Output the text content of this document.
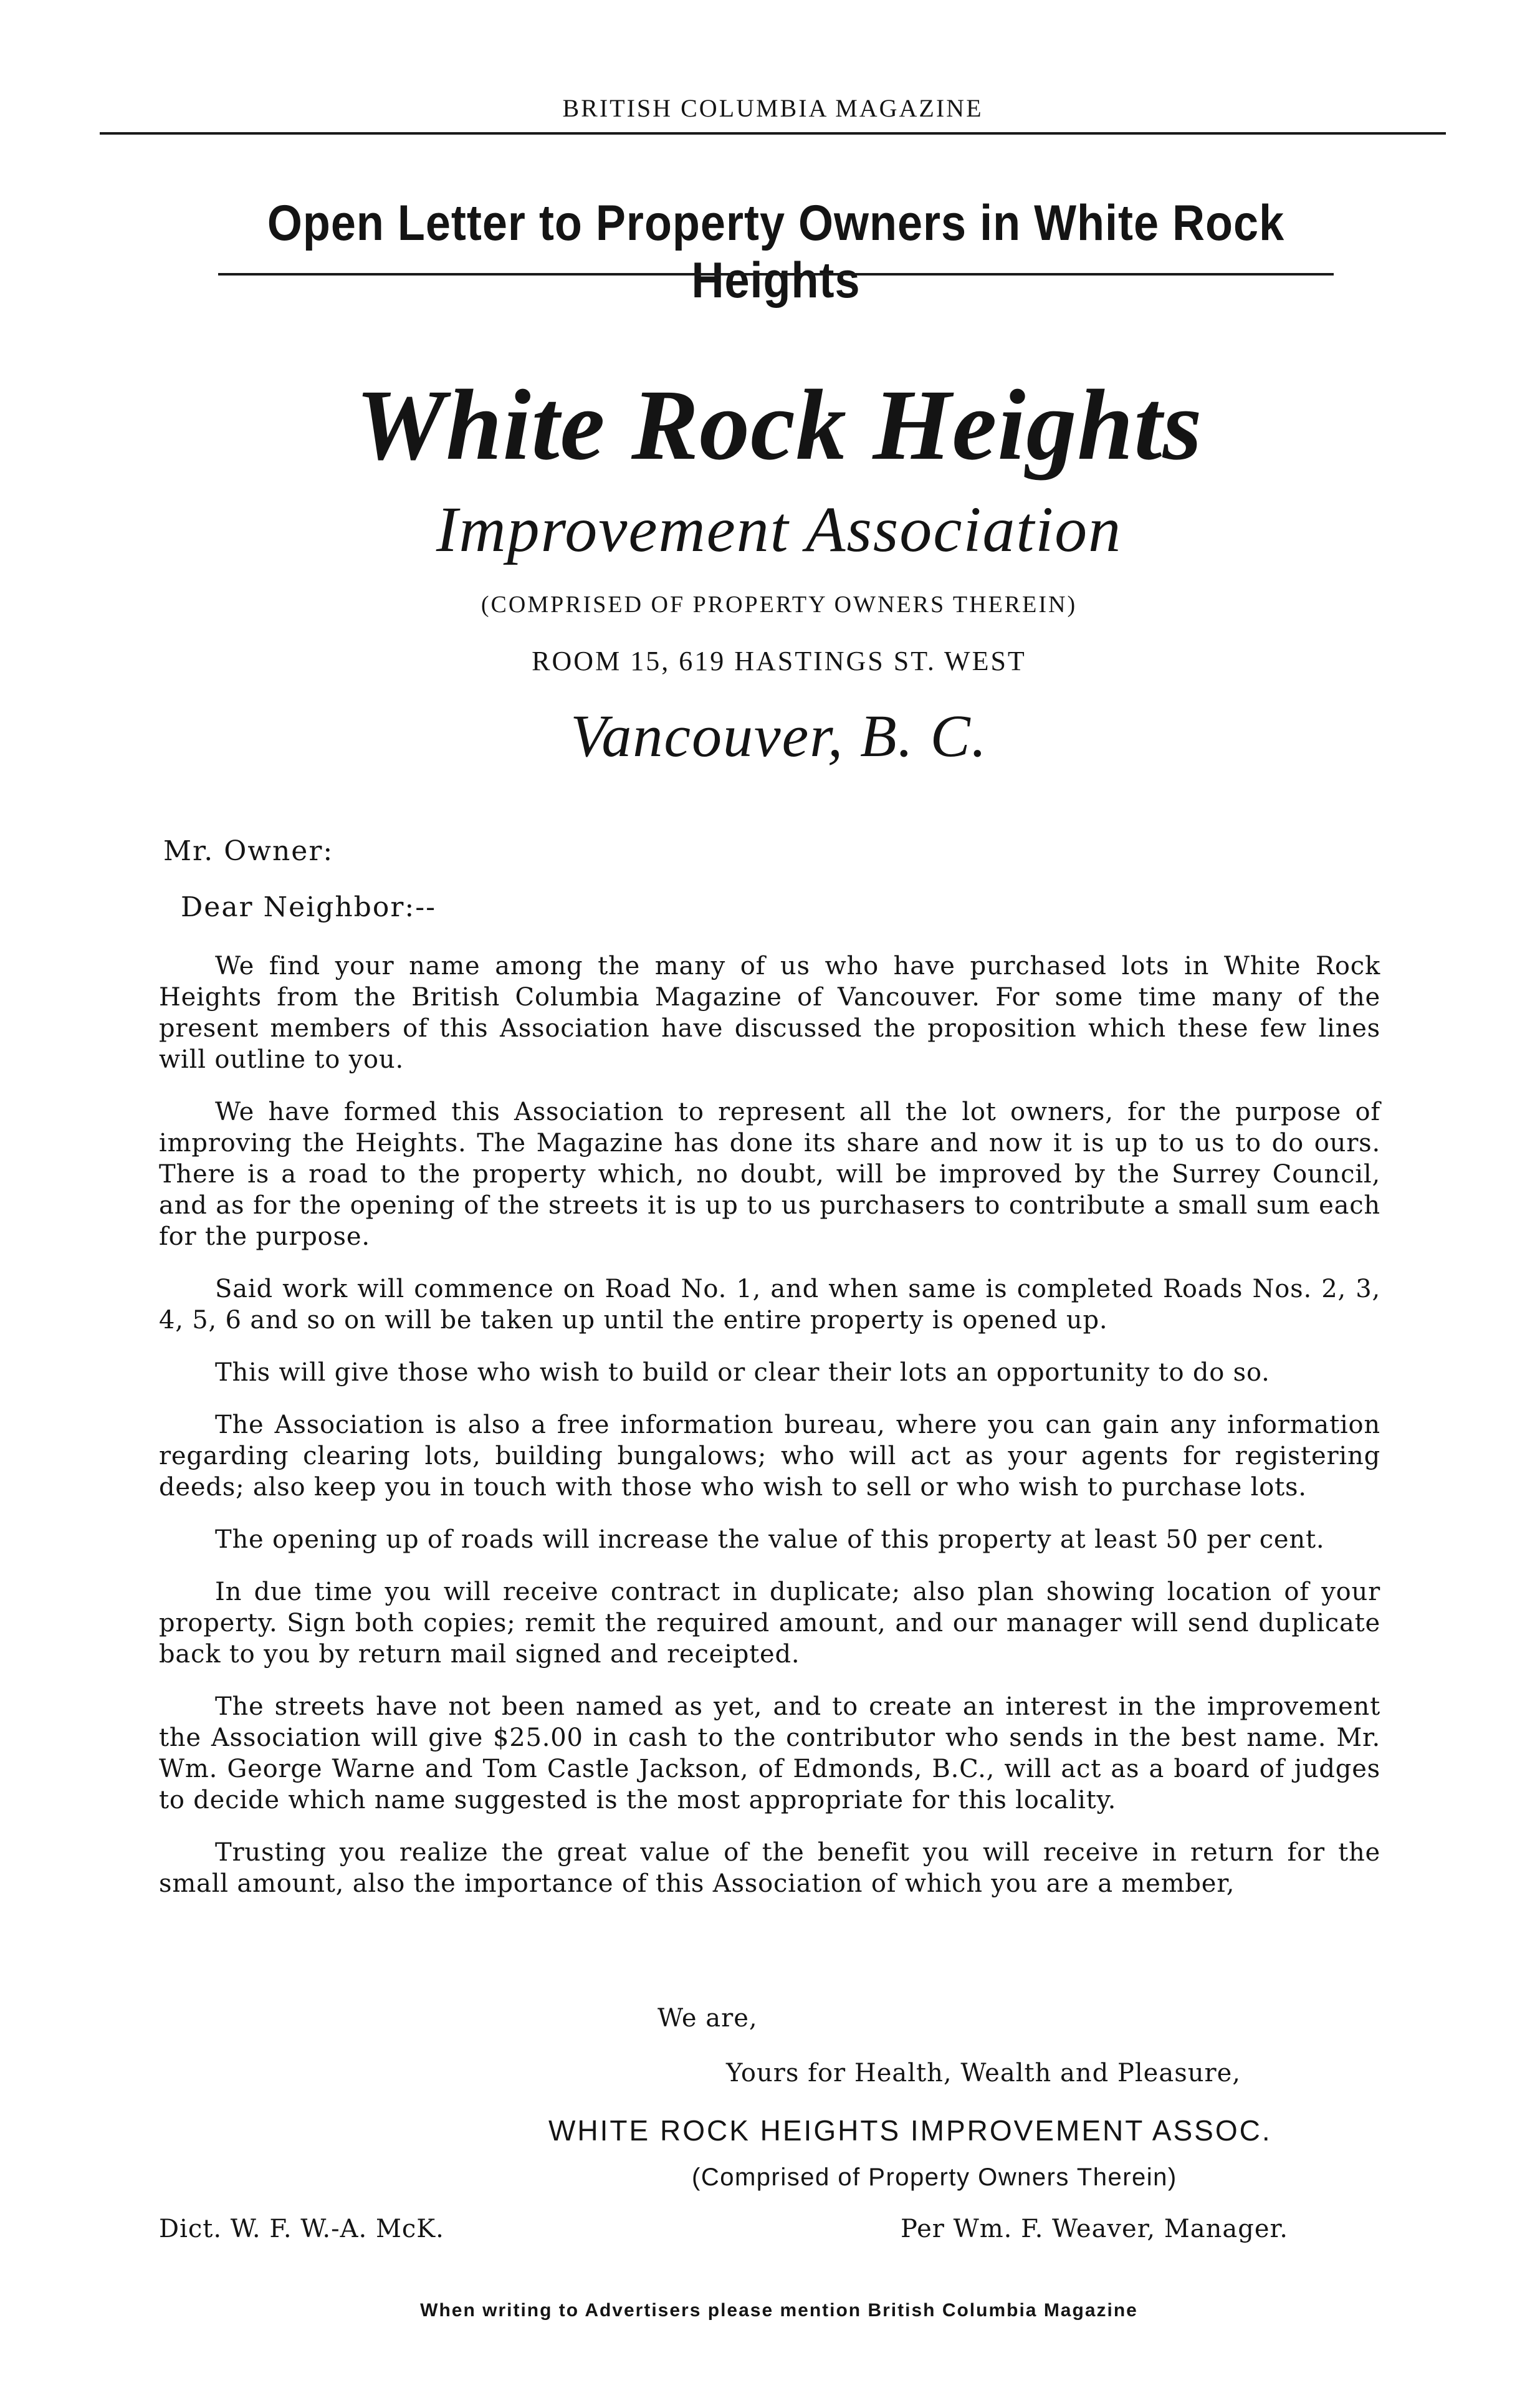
BRITISH COLUMBIA MAGAZINE
Open Letter to Property Owners in White Rock Heights
White Rock Heights
Improvement Association
(COMPRISED OF PROPERTY OWNERS THEREIN)
ROOM 15, 619 HASTINGS ST. WEST
Vancouver, B. C.
Mr. Owner:
Dear Neighbor:--

We find your name among the many of us who have purchased lots in White Rock Heights from the British Columbia Magazine of Vancouver. For some time many of the present members of this Association have discussed the proposition which these few lines will outline to you.

We have formed this Association to represent all the lot owners, for the purpose of improving the Heights. The Magazine has done its share and now it is up to us to do ours. There is a road to the property which, no doubt, will be improved by the Surrey Council, and as for the opening of the streets it is up to us purchasers to contribute a small sum each for the purpose.

Said work will commence on Road No. 1, and when same is completed Roads Nos. 2, 3, 4, 5, 6 and so on will be taken up until the entire property is opened up.

This will give those who wish to build or clear their lots an opportunity to do so.

The Association is also a free information bureau, where you can gain any information regarding clearing lots, building bungalows; who will act as your agents for registering deeds; also keep you in touch with those who wish to sell or who wish to purchase lots.

The opening up of roads will increase the value of this property at least 50 per cent.

In due time you will receive contract in duplicate; also plan showing location of your property. Sign both copies; remit the required amount, and our manager will send duplicate back to you by return mail signed and receipted.

The streets have not been named as yet, and to create an interest in the improvement the Association will give $25.00 in cash to the contributor who sends in the best name. Mr. Wm. George Warne and Tom Castle Jackson, of Edmonds, B.C., will act as a board of judges to decide which name suggested is the most appropriate for this locality.

Trusting you realize the great value of the benefit you will receive in return for the small amount, also the importance of this Association of which you are a member,

We are,
Yours for Health, Wealth and Pleasure,
WHITE ROCK HEIGHTS IMPROVEMENT ASSOC.
(Comprised of Property Owners Therein)
Dict. W. F. W.-A. McK.	Per Wm. F. Weaver, Manager.
When writing to Advertisers please mention British Columbia Magazine
